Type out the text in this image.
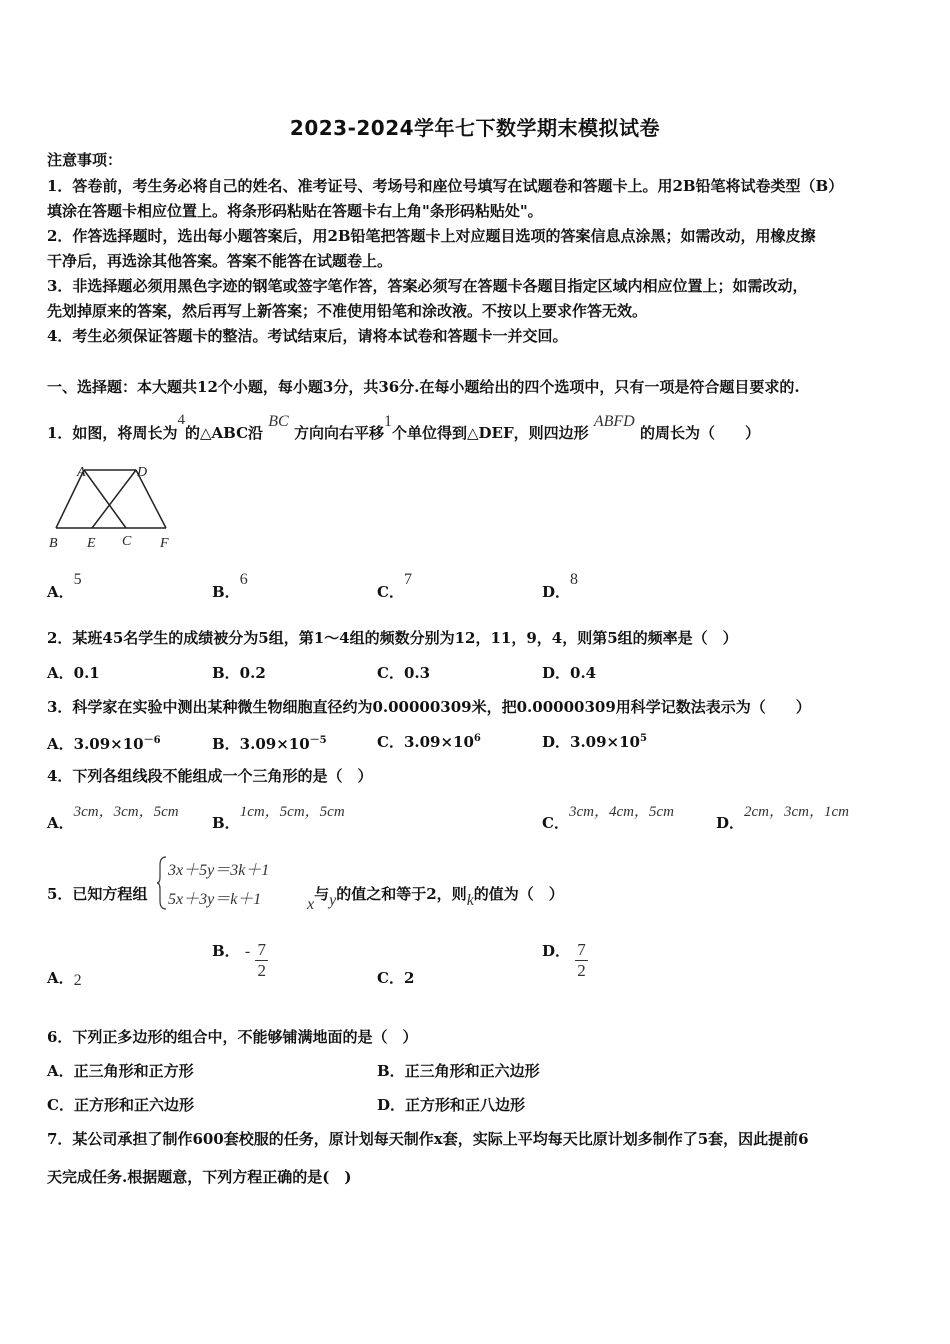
2023-2024学年七下数学期末模拟试卷
注意事项：
1．答卷前，考生务必将自己的姓名、准考证号、考场号和座位号填写在试题卷和答题卡上。用2B铅笔将试卷类型（B）
填涂在答题卡相应位置上。将条形码粘贴在答题卡右上角"条形码粘贴处"。
2．作答选择题时，选出每小题答案后，用2B铅笔把答题卡上对应题目选项的答案信息点涂黑；如需改动，用橡皮擦
干净后，再选涂其他答案。答案不能答在试题卷上。
3．非选择题必须用黑色字迹的钢笔或签字笔作答，答案必须写在答题卡各题目指定区域内相应位置上；如需改动，
先划掉原来的答案，然后再写上新答案；不准使用铅笔和涂改液。不按以上要求作答无效。
4．考生必须保证答题卡的整洁。考试结束后，请将本试卷和答题卡一并交回。
一、选择题：本大题共12个小题，每小题3分，共36分.在每小题给出的四个选项中，只有一项是符合题目要求的.
1．如图，将周长为$^4$的△ABC沿 BC 方向向右平移1个单位得到△DEF，则四边形 ABFD 的周长为（　　）
A	D
B E C F
A．5
B．6
C．7
D．8
2．某班45名学生的成绩被分为5组，第1～4组的频数分别为12，11，9，4，则第5组的频率是（　）
A．0.1	B．0.2	C．0.3	D．0.4
3．科学家在实验中测出某种微生物细胞直径约为0.00000309米，把0.00000309用科学记数法表示为（　　）
A．$3.09\times 10^{-6}$	B．$3.09\times 10^{-5}$	C．$3.09\times 10^6$	D．$3.09\times 10^5$
4．下列各组线段不能组成一个三角形的是（　）
A．3cm，3cm，5cm
B．1cm，5cm，5cm
C．3cm，4cm，5cm
D．2cm，3cm，1cm
5．已知方程组
3x＋5y＝3k＋1
5x＋3y＝k＋1	x与y的值之和等于2，则k的值为（　）
A．2
B． - $\frac{7}{2}$	C．2
D． $\frac{7}{2}$
6．下列正多边形的组合中，不能够铺满地面的是（　）
A．正三角形和正方形	B．正三角形和正六边形
C．正方形和正六边形	D．正方形和正八边形
7．某公司承担了制作600套校服的任务，原计划每天制作x套，实际上平均每天比原计划多制作了5套，因此提前6
天完成任务.根据题意，下列方程正确的是(　)
